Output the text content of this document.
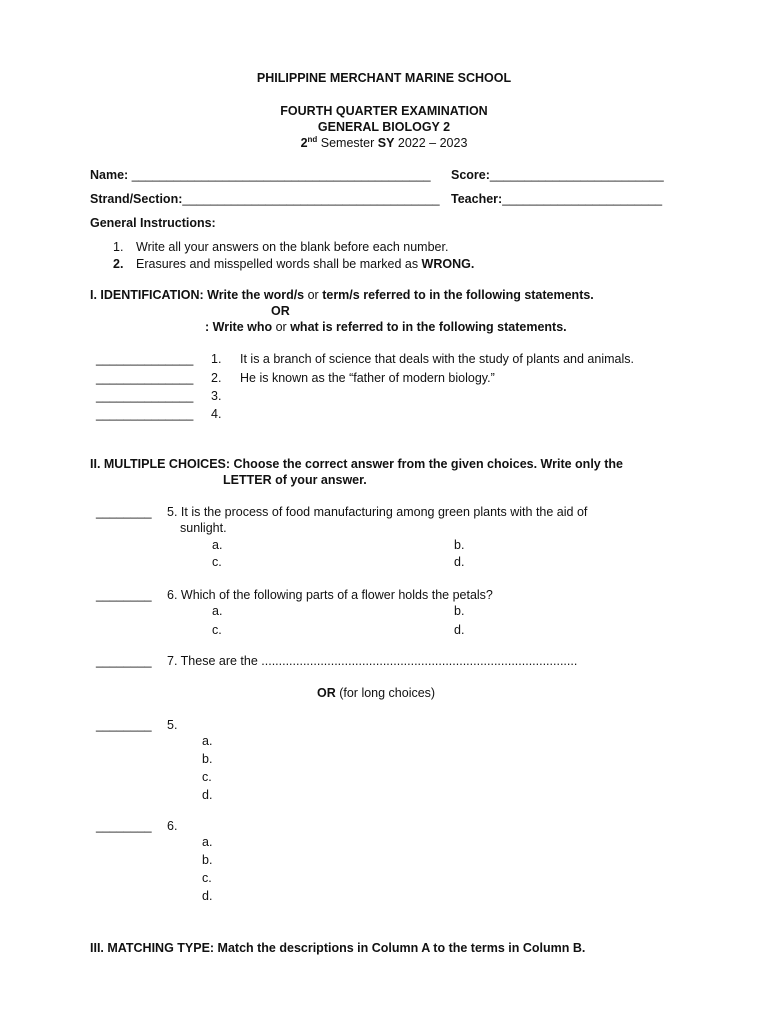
PHILIPPINE MERCHANT MARINE SCHOOL
FOURTH QUARTER EXAMINATION
GENERAL BIOLOGY 2
2nd Semester SY 2022 – 2023
Name: ___________________________________________ Score:_________________________
Strand/Section:_____________________________________ Teacher:_______________________
General Instructions:
1. Write all your answers on the blank before each number.
2. Erasures and misspelled words shall be marked as WRONG.
I. IDENTIFICATION: Write the word/s or term/s referred to in the following statements.
OR
: Write who or what is referred to in the following statements.
______________ 1. It is a branch of science that deals with the study of plants and animals.
______________ 2. He is known as the “father of modern biology.”
______________ 3.
______________ 4.
II. MULTIPLE CHOICES: Choose the correct answer from the given choices. Write only the
LETTER of your answer.
________ 5. It is the process of food manufacturing among green plants with the aid of
sunlight.
a.	b.
c.	d.
________ 6. Which of the following parts of a flower holds the petals?
a.	b.
c.	d.
________ 7. These are the ...........................................................................................
OR (for long choices)
________ 5.
a.
b.
c.
d.
________ 6.
a.
b.
c.
d.
III. MATCHING TYPE: Match the descriptions in Column A to the terms in Column B.
